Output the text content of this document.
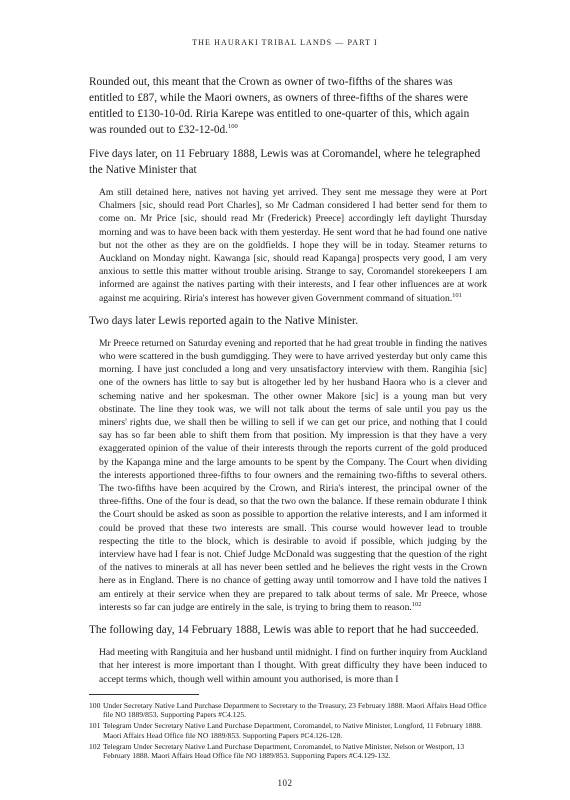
THE HAURAKI TRIBAL LANDS — PART I

Rounded out, this meant that the Crown as owner of two-fifths of the shares was entitled to £87, while the Maori owners, as owners of three-fifths of the shares were entitled to £130-10-0d. Riria Karepe was entitled to one-quarter of this, which again was rounded out to £32-12-0d.$^{100}$

Five days later, on 11 February 1888, Lewis was at Coromandel, where he telegraphed the Native Minister that

Am still detained here, natives not having yet arrived. They sent me message they were at Port Chalmers [sic, should read Port Charles], so Mr Cadman considered I had better send for them to come on. Mr Price [sic, should read Mr (Frederick) Preece] accordingly left daylight Thursday morning and was to have been back with them yesterday. He sent word that he had found one native but not the other as they are on the goldfields. I hope they will be in today. Steamer returns to Auckland on Monday night. Kawanga [sic, should read Kapanga] prospects very good, I am very anxious to settle this matter without trouble arising. Strange to say, Coromandel storekeepers I am informed are against the natives parting with their interests, and I fear other influences are at work against me acquiring. Riria's interest has however given Government command of situation.$^{101}$

Two days later Lewis reported again to the Native Minister.

Mr Preece returned on Saturday evening and reported that he had great trouble in finding the natives who were scattered in the bush gumdigging. They were to have arrived yesterday but only came this morning. I have just concluded a long and very unsatisfactory interview with them. Rangihia [sic] one of the owners has little to say but is altogether led by her husband Haora who is a clever and scheming native and her spokesman. The other owner Makore [sic] is a young man but very obstinate. The line they took was, we will not talk about the terms of sale until you pay us the miners' rights due, we shall then be willing to sell if we can get our price, and nothing that I could say has so far been able to shift them from that position. My impression is that they have a very exaggerated opinion of the value of their interests through the reports current of the gold produced by the Kapanga mine and the large amounts to be spent by the Company. The Court when dividing the interests apportioned three-fifths to four owners and the remaining two-fifths to several others. The two-fifths have been acquired by the Crown, and Riria's interest, the principal owner of the three-fifths. One of the four is dead, so that the two own the balance. If these remain obdurate I think the Court should be asked as soon as possible to apportion the relative interests, and I am informed it could be proved that these two interests are small. This course would however lead to trouble respecting the title to the block, which is desirable to avoid if possible, which judging by the interview have had I fear is not. Chief Judge McDonald was suggesting that the question of the right of the natives to minerals at all has never been settled and he believes the right vests in the Crown here as in England. There is no chance of getting away until tomorrow and I have told the natives I am entirely at their service when they are prepared to talk about terms of sale. Mr Preece, whose interests so far can judge are entirely in the sale, is trying to bring them to reason.$^{102}$

The following day, 14 February 1888, Lewis was able to report that he had succeeded.

Had meeting with Rangituia and her husband until midnight. I find on further inquiry from Auckland that her interest is more important than I thought. With great difficulty they have been induced to accept terms which, though well within amount you authorised, is more than I

100 Under Secretary Native Land Purchase Department to Secretary to the Treasury, 23 February 1888. Maori Affairs Head Office file NO 1889/853. Supporting Papers #C4.125.
101 Telegram Under Secretary Native Land Purchase Department, Coromandel, to Native Minister, Longford, 11 February 1888. Maori Affairs Head Office file NO 1889/853. Supporting Papers #C4.126-128.
102 Telegram Under Secretary Native Land Purchase Department, Coromandel, to Native Minister, Nelson or Westport, 13 February 1888. Maori Affairs Head Office file NO 1889/853. Supporting Papers #C4.129-132.
102
